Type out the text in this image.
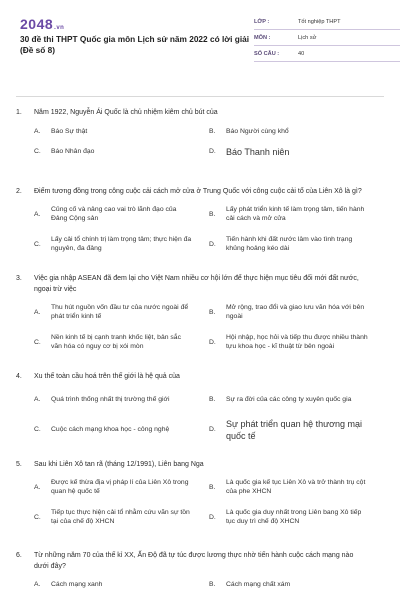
2048.vn
30 đề thi THPT Quốc gia môn Lịch sử năm 2022 có lời giải (Đề số 8)
LỚP :	Tốt nghiệp THPT
MÔN :	Lịch sử
SỐ CÂU :	40
1.	Năm 1922, Nguyễn Ái Quốc là chủ nhiệm kiêm chủ bút của
A.	Báo Sự thật	B.	Báo Người cùng khổ
C.	Báo Nhân đạo	D.	Báo Thanh niên
2.	Điểm tương đồng trong công cuộc cải cách mở cửa ở Trung Quốc với công cuộc cải tổ của Liên Xô là gì?
A.
Củng cố và nâng cao vai trò lãnh đạo của Đảng Cộng sản
B.
Lấy phát triển kinh tế làm trọng tâm, tiến hành cải cách và mở cửa
C.
Lấy cải tổ chính trị làm trọng tâm; thực hiện đa nguyên, đa đảng
D.
Tiến hành khi đất nước lâm vào tình trạng khủng hoảng kéo dài
3.	Việc gia nhập ASEAN đã đem lại cho Việt Nam nhiều cơ hội lớn để thực hiện mục tiêu đối mới đất nước, ngoại trừ việc
A.
Thu hút nguồn vốn đầu tư của nước ngoài để phát triển kinh tế
B.
Mở rộng, trao đổi và giao lưu văn hóa với bên ngoài
C.
Nền kinh tế bị cạnh tranh khốc liệt, bản sắc văn hóa có nguy cơ bị xói mòn
D.
Hội nhập, học hỏi và tiếp thu được nhiều thành tựu khoa học - kĩ thuật từ bên ngoài
4.	Xu thế toàn cầu hoá trên thế giới là hệ quả của
A.	Quá trình thống nhất thị trường thế giới	B.	Sự ra đời của các công ty xuyên quốc gia
C.	Cuộc cách mạng khoa học - công nghệ	D.
Sự phát triển quan hệ thương mại quốc tế
5.	Sau khi Liên Xô tan rã (tháng 12/1991), Liên bang Nga
A.
Được kế thừa địa vị pháp lí của Liên Xô trong quan hệ quốc tế
B.
Là quốc gia kế tục Liên Xô và trở thành trụ cột của phe XHCN
C.
Tiếp tục thực hiện cải tổ nhằm cứu vãn sự tồn tại của chế độ XHCN
D.
Là quốc gia duy nhất trong Liên bang Xô tiếp tục duy trì chế độ XHCN
6.	Từ những năm 70 của thế kỉ XX, Ấn Độ đã tự túc được lương thực nhờ tiến hành cuộc cách mạng nào dưới đây?
A.	Cách mạng xanh	B.	Cách mạng chất xám
